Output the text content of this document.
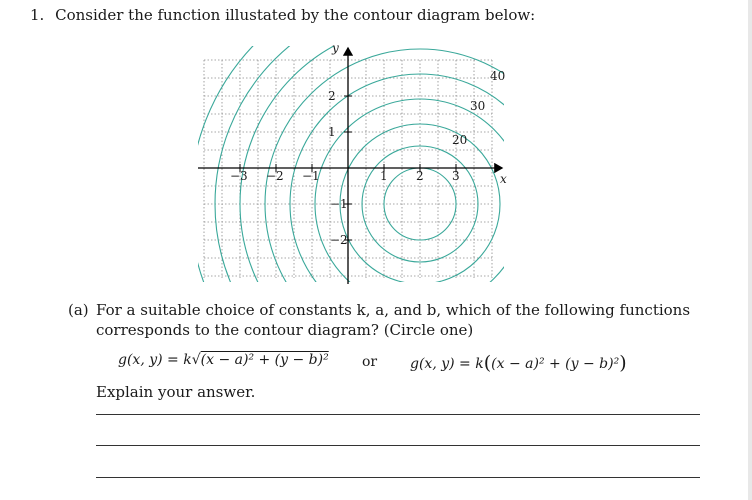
1. Consider the function illustated by the contour diagram below:
x
y
−3 −2 −1	1 2 3
2
1
−1
−2
20
30
40
(a) For a suitable choice of constants k, a, and b, which of the following functions corresponds to the contour diagram? (Circle one)
g(x, y) = k√(x − a)² + (y − b)² or g(x, y) = k((x − a)² + (y − b)²)
Explain your answer.
